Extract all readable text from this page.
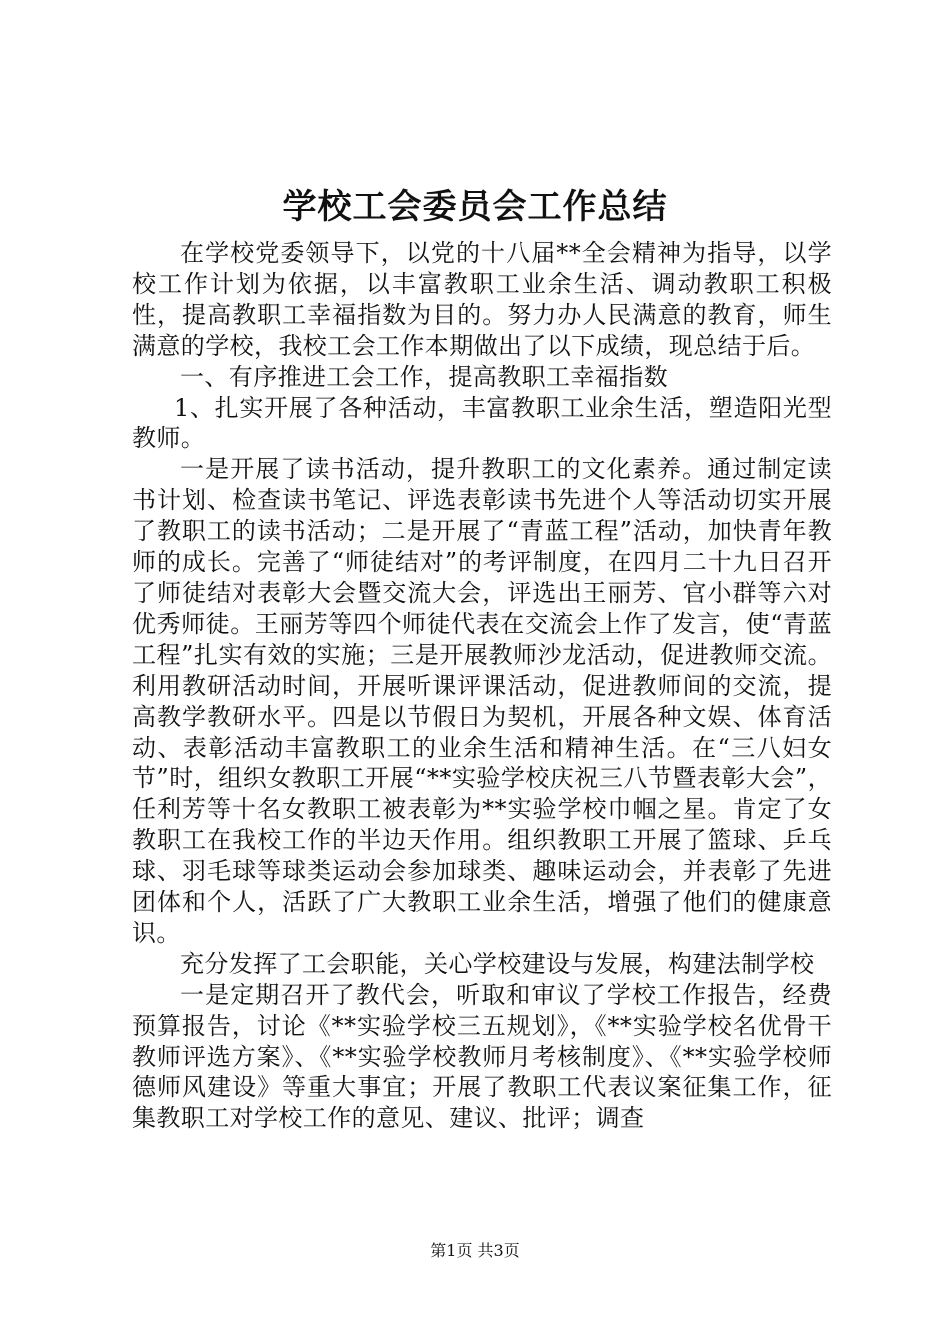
学校工会委员会工作总结

在学校党委领导下，以党的十八届**全会精神为指导，以学校工作计划为依据，以丰富教职工业余生活、调动教职工积极性，提高教职工幸福指数为目的。努力办人民满意的教育，师生满意的学校，我校工会工作本期做出了以下成绩，现总结于后。

一、有序推进工会工作，提高教职工幸福指数

1、扎实开展了各种活动，丰富教职工业余生活，塑造阳光型教师。

一是开展了读书活动，提升教职工的文化素养。通过制定读书计划、检查读书笔记、评选表彰读书先进个人等活动切实开展了教职工的读书活动；二是开展了“青蓝工程”活动，加快青年教师的成长。完善了“师徒结对”的考评制度，在四月二十九日召开了师徒结对表彰大会暨交流大会，评选出王丽芳、官小群等六对优秀师徒。王丽芳等四个师徒代表在交流会上作了发言，使“青蓝工程”扎实有效的实施；三是开展教师沙龙活动，促进教师交流。利用教研活动时间，开展听课评课活动，促进教师间的交流，提高教学教研水平。四是以节假日为契机，开展各种文娱、体育活动、表彰活动丰富教职工的业余生活和精神生活。在“三八妇女节”时，组织女教职工开展“**实验学校庆祝三八节暨表彰大会”，任利芳等十名女教职工被表彰为**实验学校巾帼之星。肯定了女教职工在我校工作的半边天作用。组织教职工开展了篮球、乒乓球、羽毛球等球类运动会参加球类、趣味运动会，并表彰了先进团体和个人，活跃了广大教职工业余生活，增强了他们的健康意识。

充分发挥了工会职能，关心学校建设与发展，构建法制学校

一是定期召开了教代会，听取和审议了学校工作报告，经费预算报告，讨论《**实验学校三五规划》，《**实验学校名优骨干教师评选方案》、《**实验学校教师月考核制度》、《**实验学校师德师风建设》等重大事宜；开展了教职工代表议案征集工作，征集教职工对学校工作的意见、建议、批评；调查

第1页 共3页
